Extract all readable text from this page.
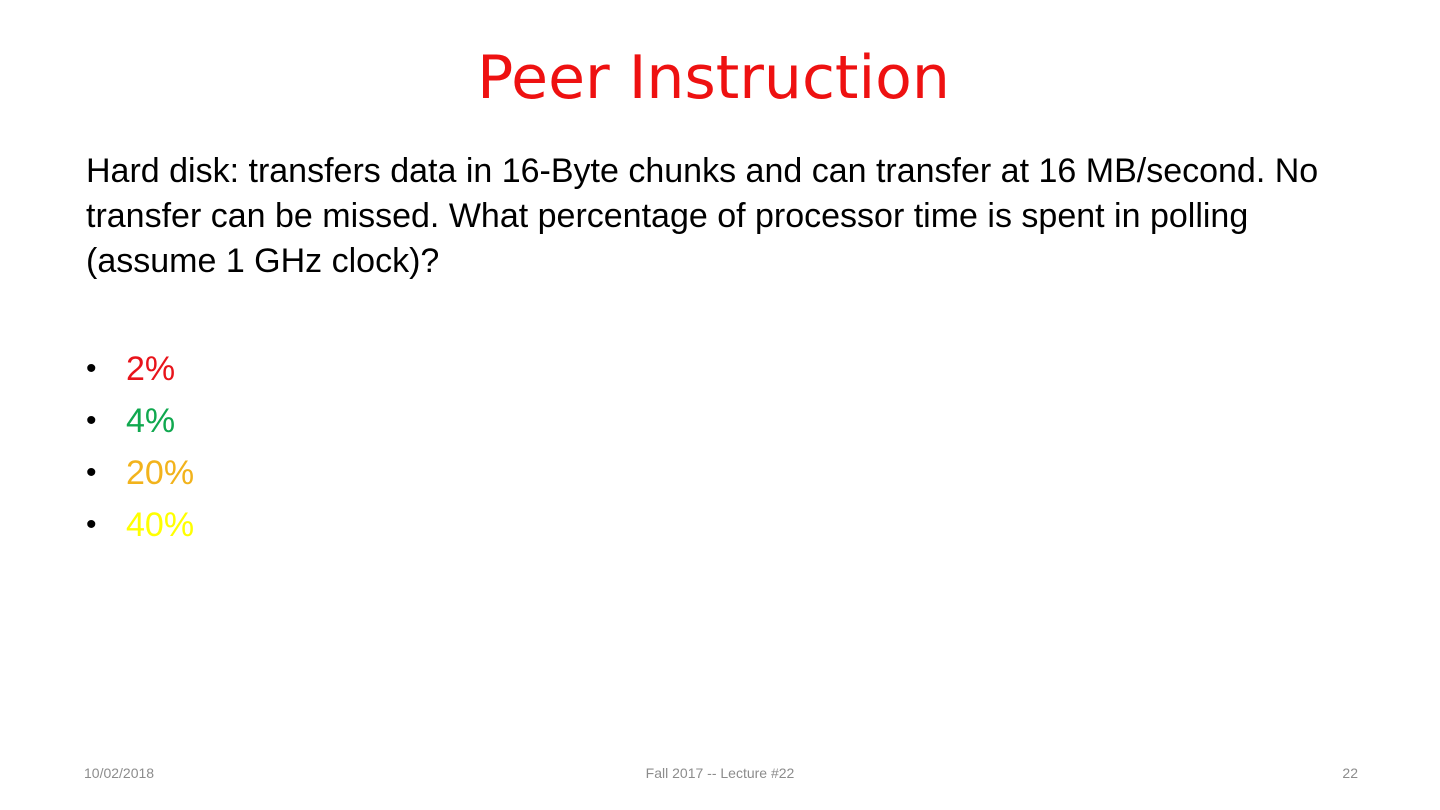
Peer Instruction

Hard disk: transfers data in 16-Byte chunks and can transfer at 16 MB/second. No transfer can be missed. What percentage of processor time is spent in polling (assume 1 GHz clock)?

• 2%
• 4%
• 20%
• 40%
10/02/2018	Fall 2017 -- Lecture #22	22
